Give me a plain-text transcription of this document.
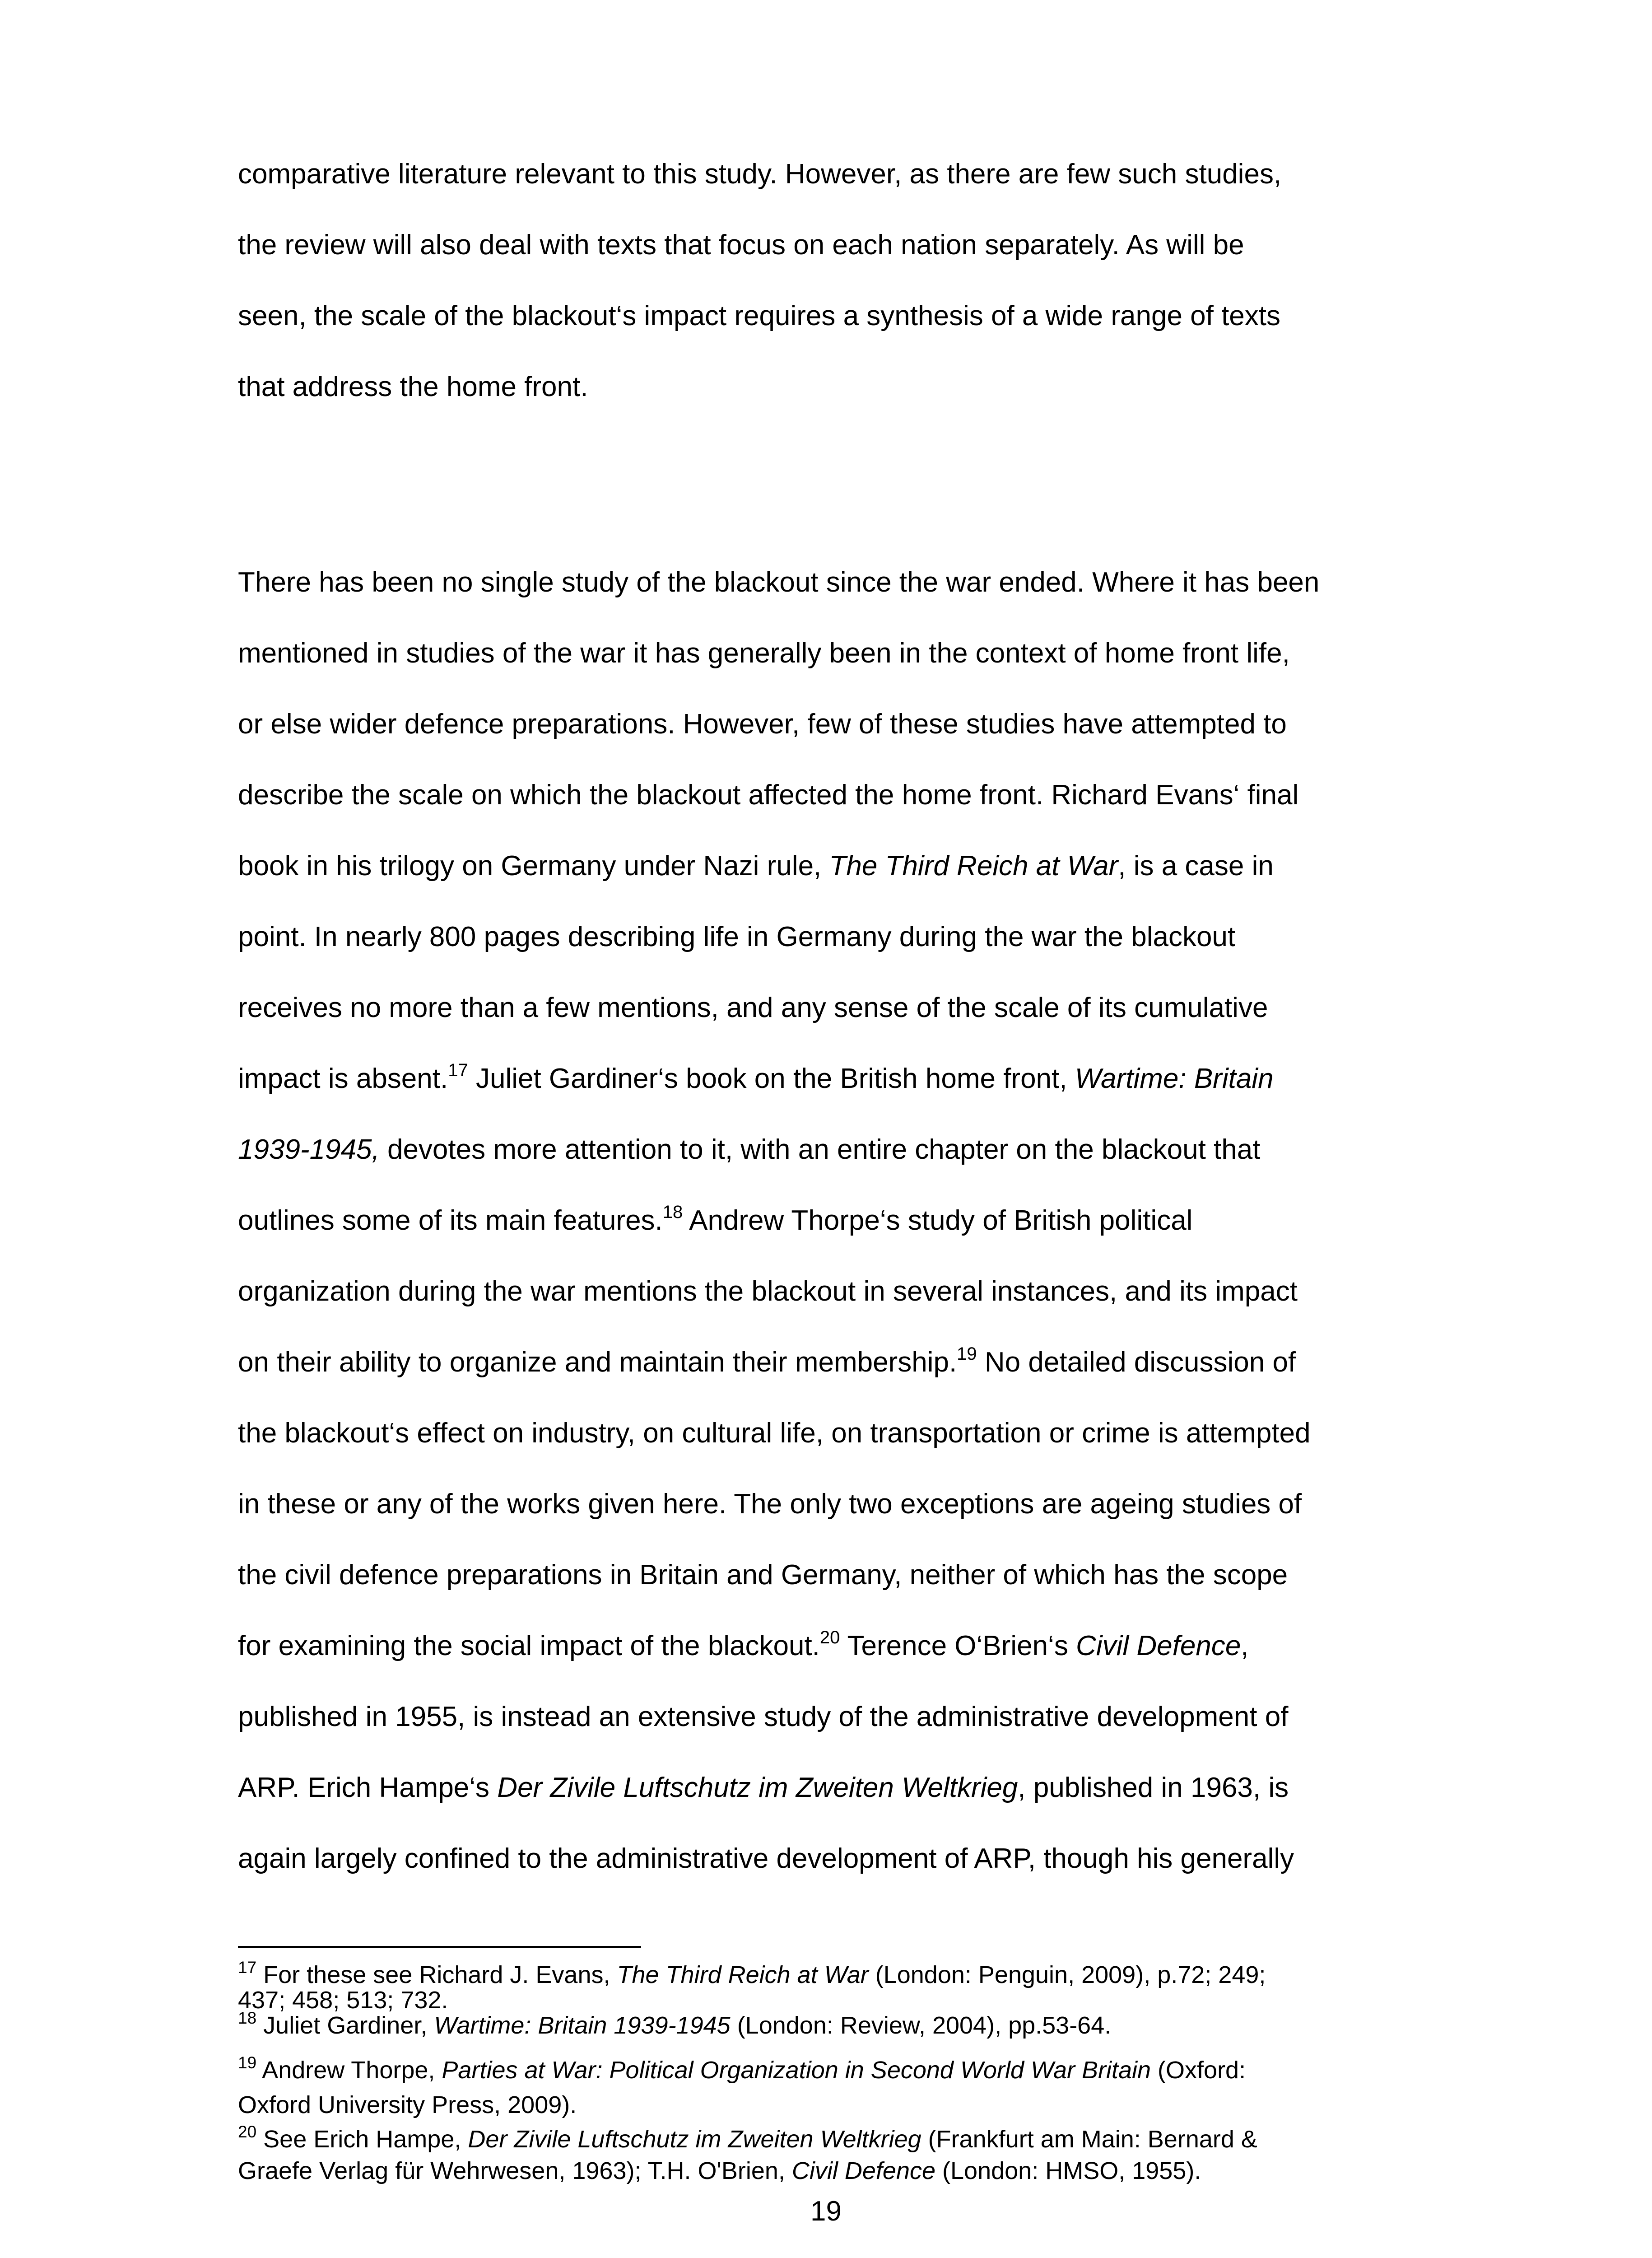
comparative literature relevant to this study. However, as there are few such studies,
the review will also deal with texts that focus on each nation separately. As will be
seen, the scale of the blackout‘s impact requires a synthesis of a wide range of texts
that address the home front.
There has been no single study of the blackout since the war ended. Where it has been
mentioned in studies of the war it has generally been in the context of home front life,
or else wider defence preparations. However, few of these studies have attempted to
describe the scale on which the blackout affected the home front. Richard Evans‘ final
book in his trilogy on Germany under Nazi rule, The Third Reich at War, is a case in
point. In nearly 800 pages describing life in Germany during the war the blackout
receives no more than a few mentions, and any sense of the scale of its cumulative
impact is absent.$^{17}$ Juliet Gardiner‘s book on the British home front, Wartime: Britain
1939-1945, devotes more attention to it, with an entire chapter on the blackout that
outlines some of its main features.$^{18}$ Andrew Thorpe‘s study of British political
organization during the war mentions the blackout in several instances, and its impact
on their ability to organize and maintain their membership.$^{19}$ No detailed discussion of
the blackout‘s effect on industry, on cultural life, on transportation or crime is attempted
in these or any of the works given here. The only two exceptions are ageing studies of
the civil defence preparations in Britain and Germany, neither of which has the scope
for examining the social impact of the blackout.$^{20}$ Terence O‘Brien‘s Civil Defence,
published in 1955, is instead an extensive study of the administrative development of
ARP. Erich Hampe‘s Der Zivile Luftschutz im Zweiten Weltkrieg, published in 1963, is
again largely confined to the administrative development of ARP, though his generally
$^{17}$ For these see Richard J. Evans, The Third Reich at War (London: Penguin, 2009), p.72; 249;
437; 458; 513; 732.
$^{18}$ Juliet Gardiner, Wartime: Britain 1939-1945 (London: Review, 2004), pp.53-64.
$^{19}$ Andrew Thorpe, Parties at War: Political Organization in Second World War Britain (Oxford:
Oxford University Press, 2009).
$^{20}$ See Erich Hampe, Der Zivile Luftschutz im Zweiten Weltkrieg (Frankfurt am Main: Bernard &
Graefe Verlag für Wehrwesen, 1963); T.H. O'Brien, Civil Defence (London: HMSO, 1955).
19
